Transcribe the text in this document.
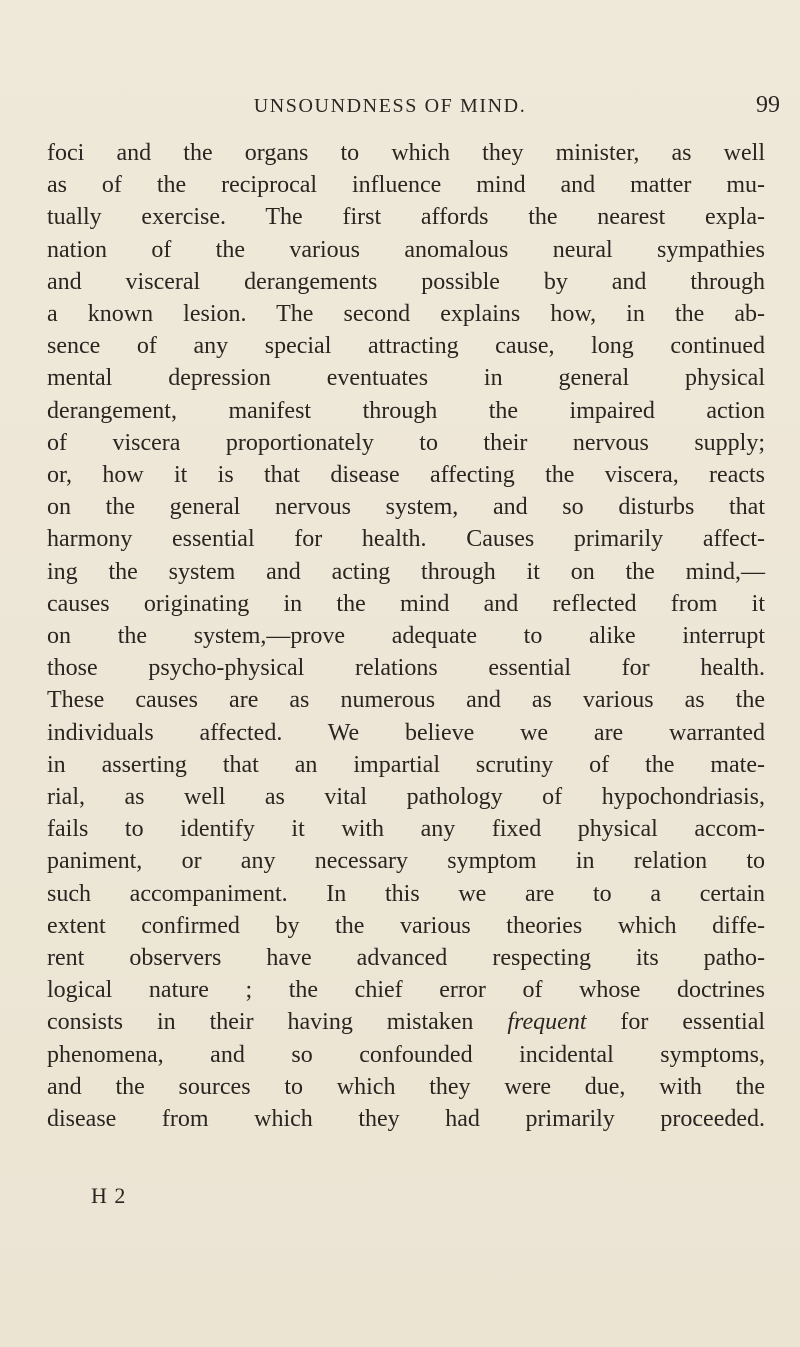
UNSOUNDNESS OF MIND.	99
foci and the organs to which they minister, as well
as of the reciprocal influence mind and matter mu-
tually exercise. The first affords the nearest expla-
nation of the various anomalous neural sympathies
and visceral derangements possible by and through
a known lesion. The second explains how, in the ab-
sence of any special attracting cause, long continued
mental depression eventuates in general physical
derangement, manifest through the impaired action
of viscera proportionately to their nervous supply;
or, how it is that disease affecting the viscera, reacts
on the general nervous system, and so disturbs that
harmony essential for health. Causes primarily affect-
ing the system and acting through it on the mind,—
causes originating in the mind and reflected from it
on the system,—prove adequate to alike interrupt
those psycho-physical relations essential for health.
These causes are as numerous and as various as the
individuals affected. We believe we are warranted
in asserting that an impartial scrutiny of the mate-
rial, as well as vital pathology of hypochondriasis,
fails to identify it with any fixed physical accom-
paniment, or any necessary symptom in relation to
such accompaniment. In this we are to a certain
extent confirmed by the various theories which diffe-
rent observers have advanced respecting its patho-
logical nature ; the chief error of whose doctrines
consists in their having mistaken frequent for essential
phenomena, and so confounded incidental symptoms,
and the sources to which they were due, with the
disease from which they had primarily proceeded.
H 2
